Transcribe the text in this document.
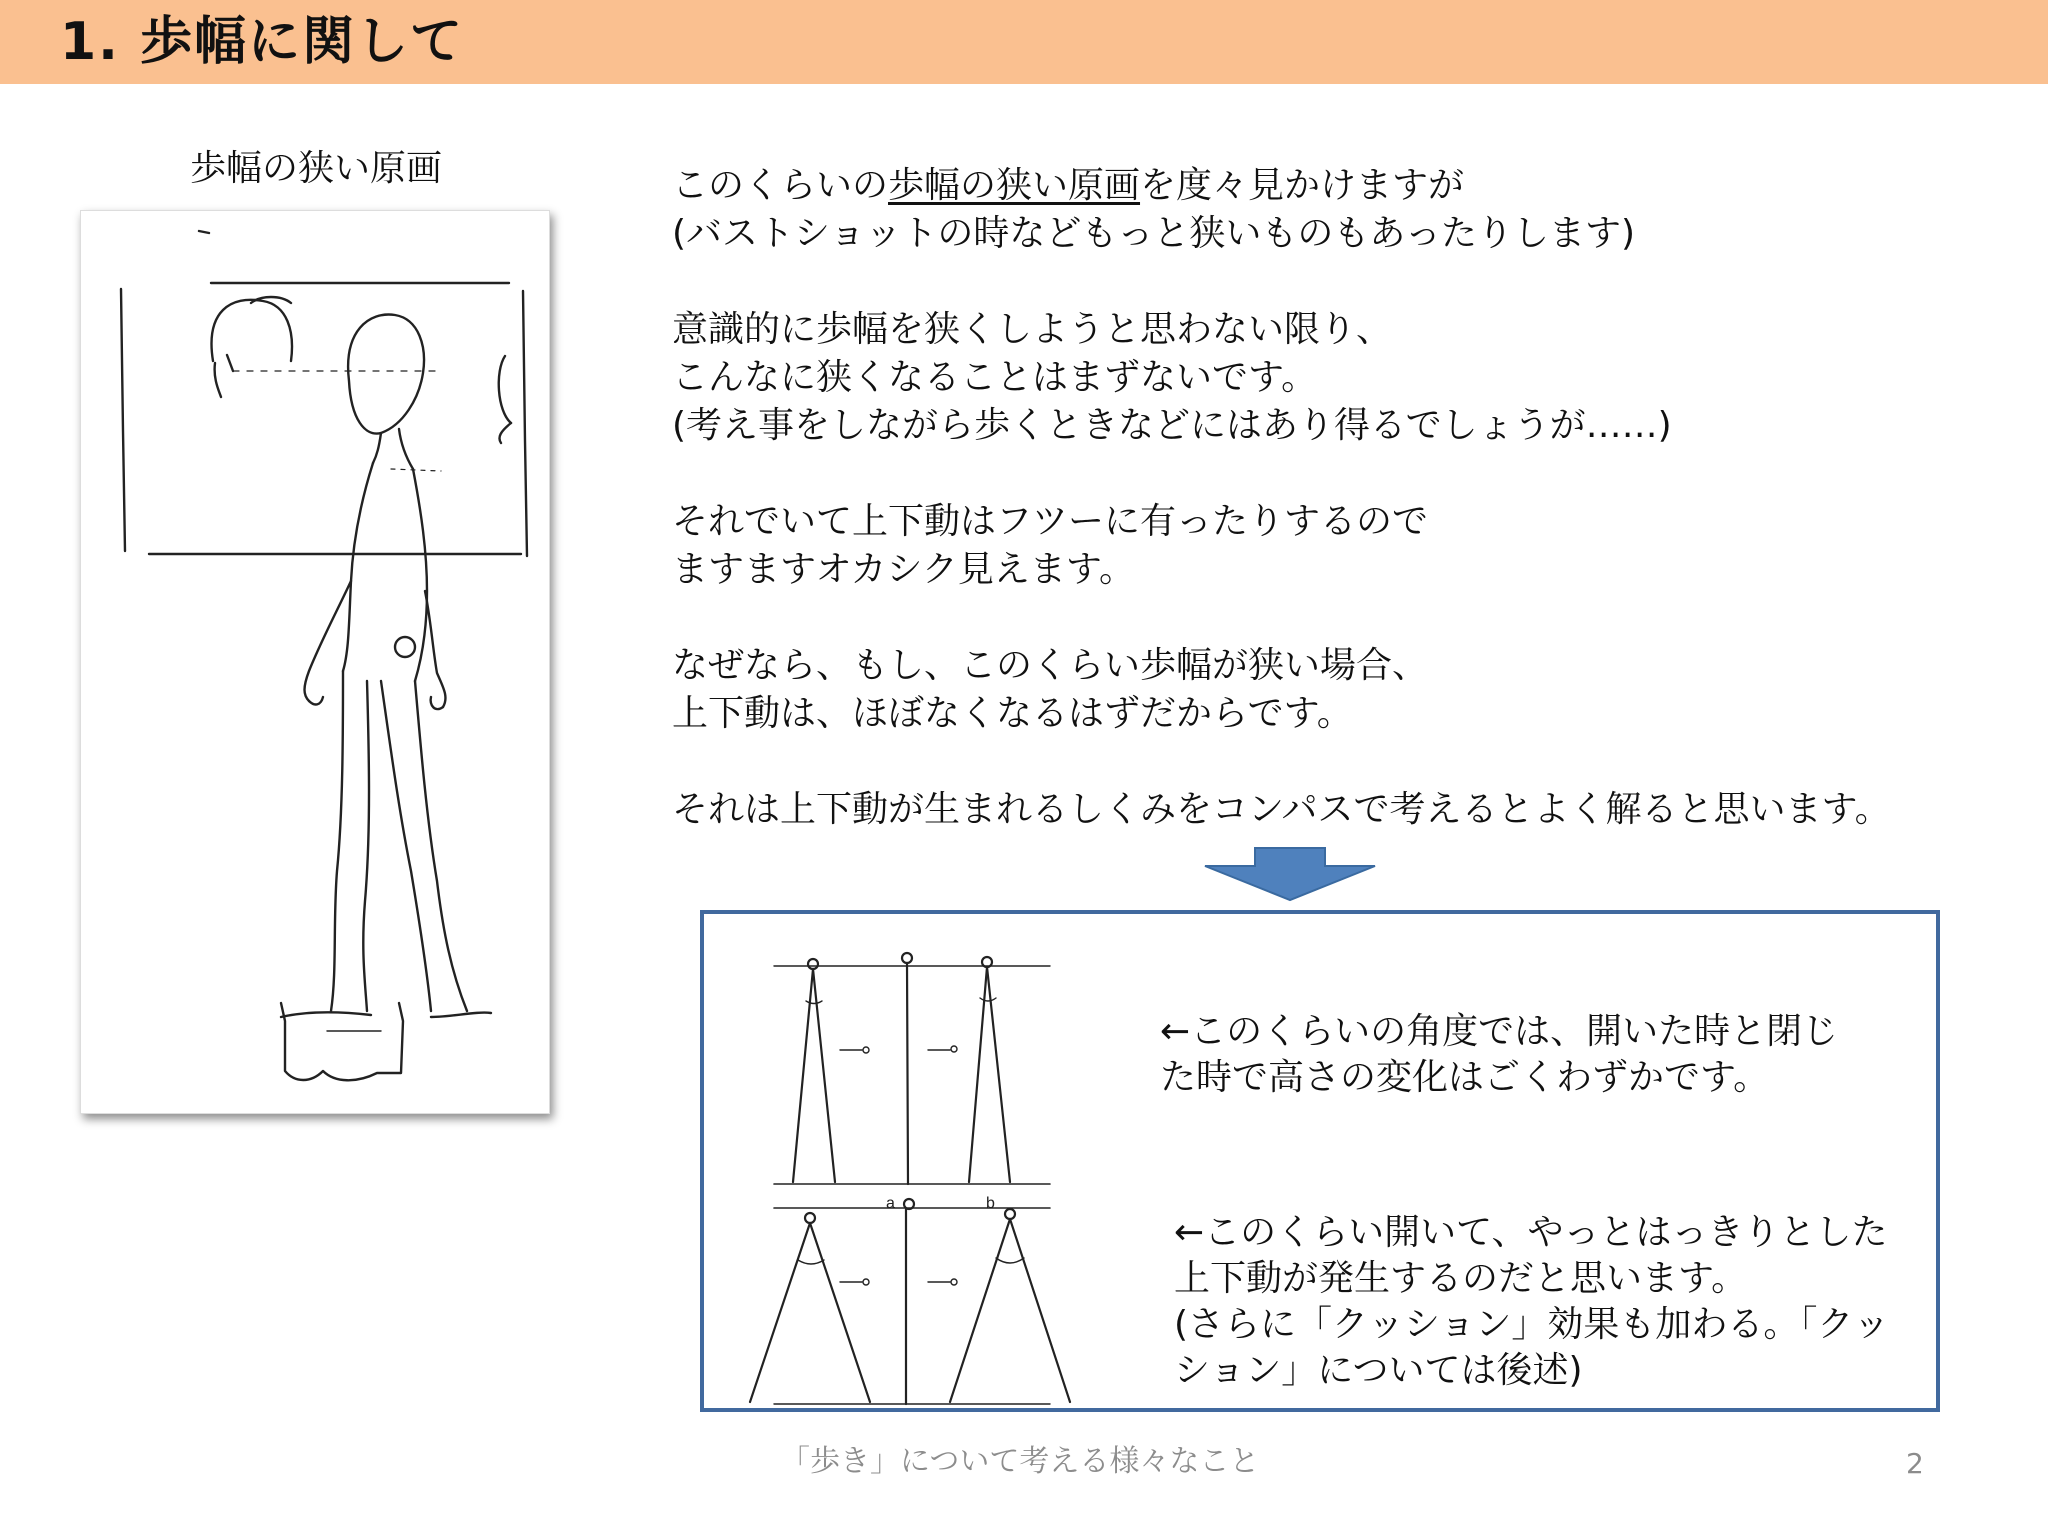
1. 歩幅に関して
歩幅の狭い原画	このくらいの歩幅の狭い原画を度々見かけますが
(バストショットの時などもっと狭いものもあったりします)
意識的に歩幅を狭くしようと思わない限り、
こんなに狭くなることはまずないです。
(考え事をしながら歩くときなどにはあり得るでしょうが……)
それでいて上下動はフツーに有ったりするので
ますますオカシク見えます。
なぜなら、もし、このくらい歩幅が狭い場合、
上下動は、ほぼなくなるはずだからです。
それは上下動が生まれるしくみをコンパスで考えるとよく解ると思います。
a	b
←このくらいの角度では、開いた時と閉じ
た時で高さの変化はごくわずかです。
←このくらい開いて、やっとはっきりとした
上下動が発生するのだと思います。
(さらに「クッション」効果も加わる。「クッ
ション」については後述)
「歩き」について考える様々なこと	2
